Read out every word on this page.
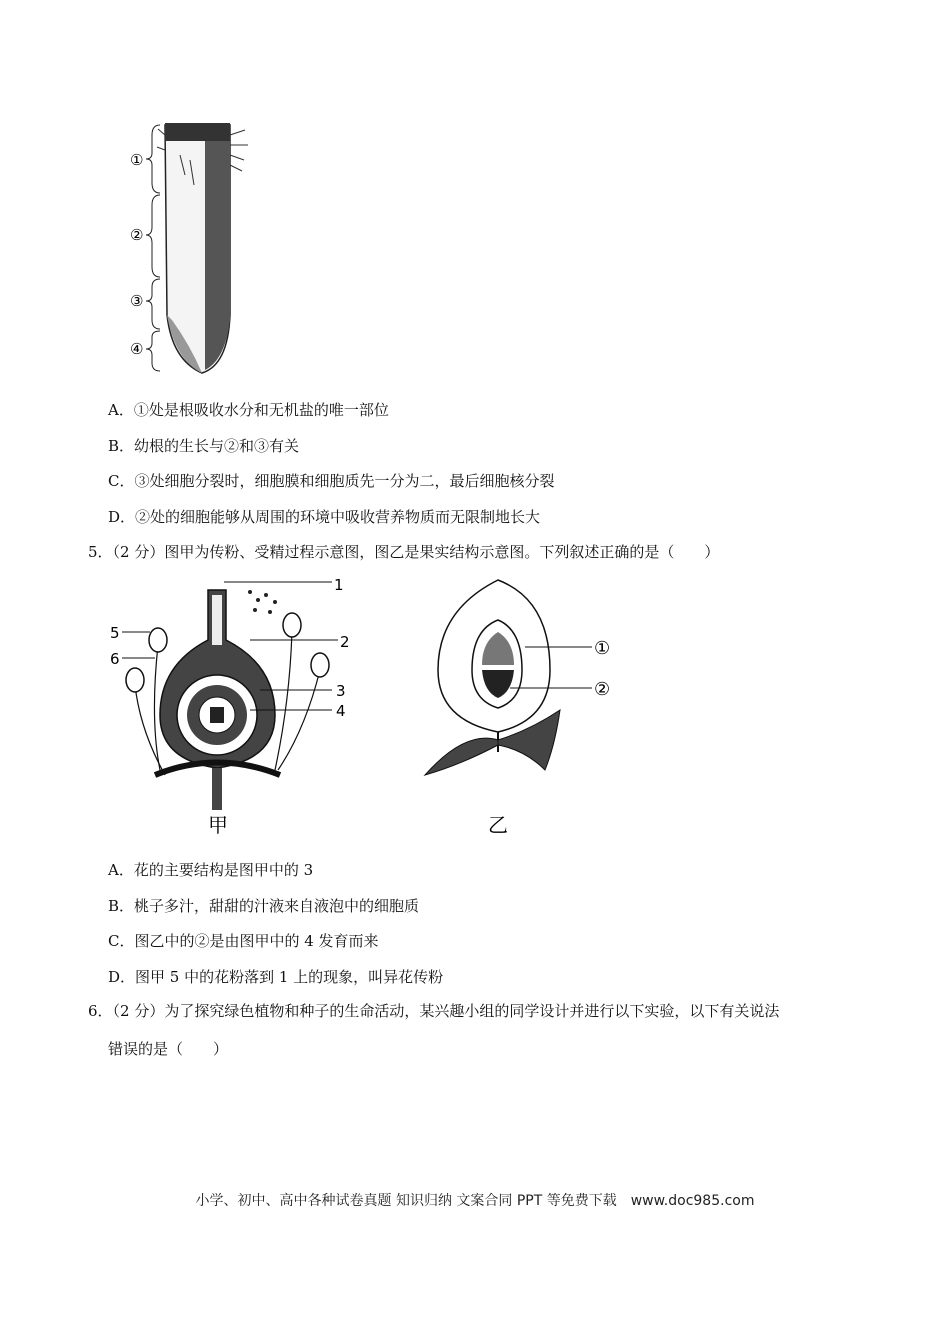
①
②
③
④
A．①处是根吸收水分和无机盐的唯一部位
B．幼根的生长与②和③有关
C．③处细胞分裂时，细胞膜和细胞质先一分为二，最后细胞核分裂
D．②处的细胞能够从周围的环境中吸收营养物质而无限制地长大
5．（2 分）图甲为传粉、受精过程示意图，图乙是果实结构示意图。下列叙述正确的是（　　）
1
2
3
4
5
6
甲
①
②
乙
A．花的主要结构是图甲中的 3
B．桃子多汁，甜甜的汁液来自液泡中的细胞质
C．图乙中的②是由图甲中的 4 发育而来
D．图甲 5 中的花粉落到 1 上的现象，叫异花传粉
6．（2 分）为了探究绿色植物和种子的生命活动，某兴趣小组的同学设计并进行以下实验，以下有关说法
错误的是（　　）
小学、初中、高中各种试卷真题 知识归纳 文案合同 PPT 等免费下载　www.doc985.com
